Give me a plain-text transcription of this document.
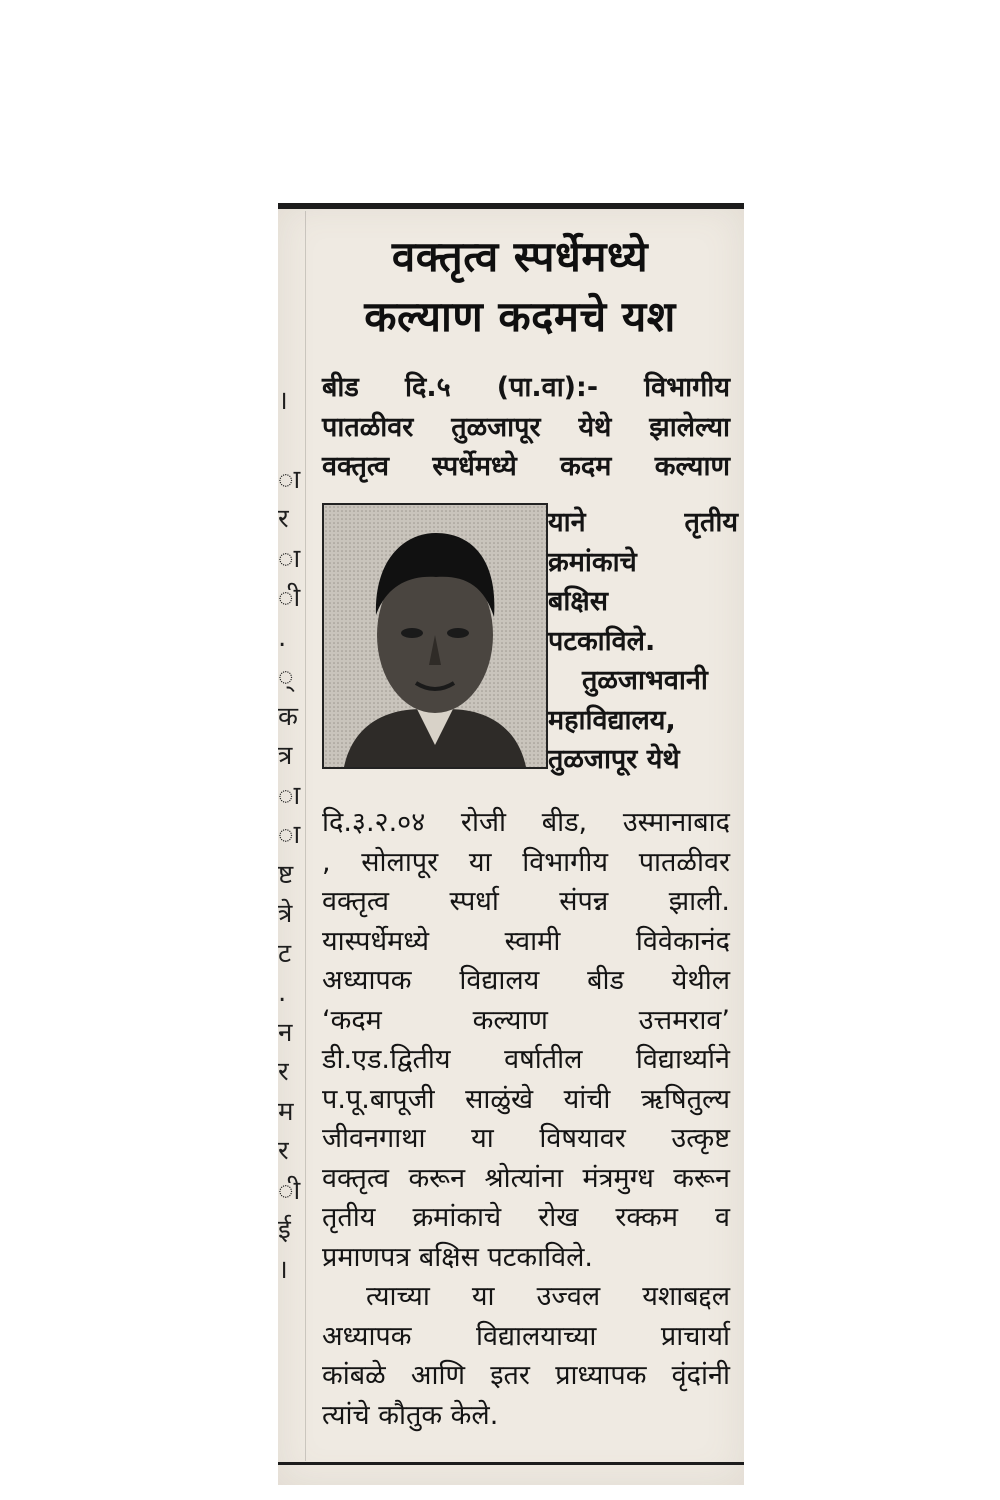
।
ा
र
ा
ी
.
्
क
त्र
ा
ा
ष्ट
त्रे
ट
.
न
र
म
र
ी
ई
।
वक्तृत्व स्पर्धेमध्ये
कल्याण कदमचे यश
बीड दि.५ (पा.वा):- विभागीय
पातळीवर तुळजापूर येथे झालेल्या
वक्तृत्व स्पर्धेमध्ये कदम कल्याण
याने तृतीय
क्रमांकाचे
बक्षिस
पटकाविले.
तुळजाभवानी
महाविद्यालय,
तुळजापूर येथे
दि.३.२.०४ रोजी बीड, उस्मानाबाद
, सोलापूर या विभागीय पातळीवर
वक्तृत्व स्पर्धा संपन्न झाली.
यास्पर्धेमध्ये स्वामी विवेकानंद
अध्यापक विद्यालय बीड येथील
‘कदम कल्याण उत्तमराव’
डी.एड.द्वितीय वर्षातील विद्यार्थ्याने
प.पू.बापूजी साळुंखे यांची ऋषितुल्य
जीवनगाथा या विषयावर उत्कृष्ट
वक्तृत्व करून श्रोत्यांना मंत्रमुग्ध करून
तृतीय क्रमांकाचे रोख रक्कम व
प्रमाणपत्र बक्षिस पटकाविले.
त्याच्या या उज्वल यशाबद्दल
अध्यापक विद्यालयाच्या प्राचार्या
कांबळे आणि इतर प्राध्यापक वृंदांनी
त्यांचे कौतुक केले.
